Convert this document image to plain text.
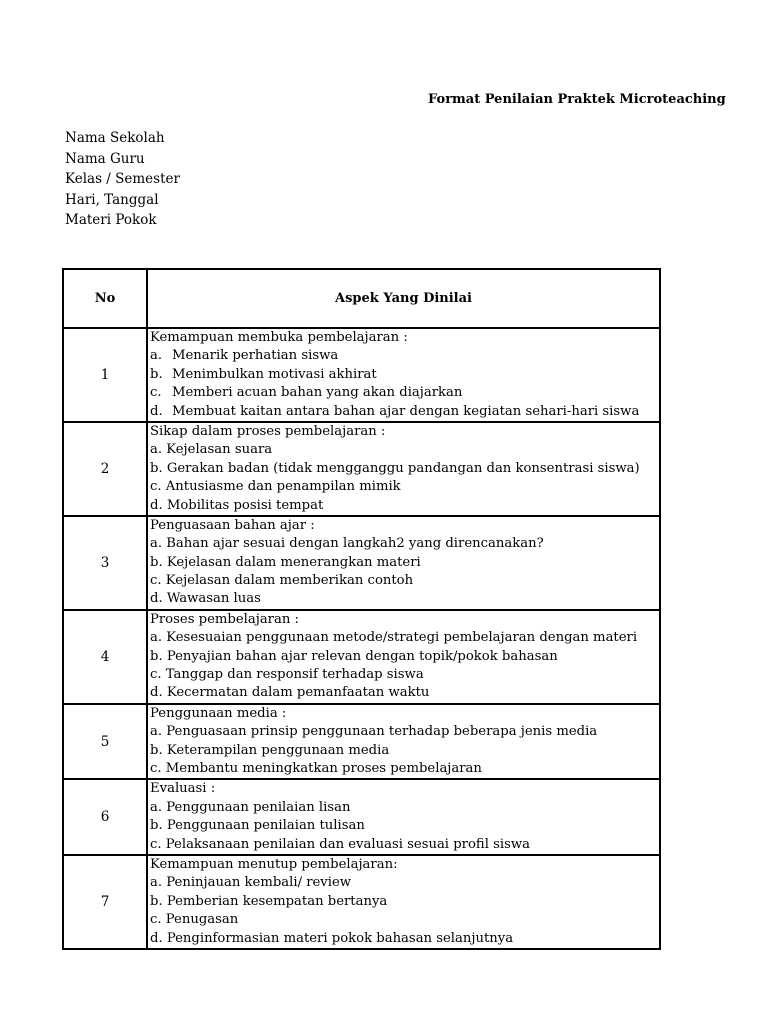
Format Penilaian Praktek Microteaching
Nama Sekolah
Nama Guru
Kelas / Semester
Hari, Tanggal
Materi Pokok
No	Aspek Yang Dinilai
1	Kemampuan membuka pembelajaran :
a. Menarik perhatian siswa
b. Menimbulkan motivasi akhirat
c. Memberi acuan bahan yang akan diajarkan
d. Membuat kaitan antara bahan ajar dengan kegiatan sehari-hari siswa

2	Sikap dalam proses pembelajaran :
a. Kejelasan suara
b. Gerakan badan (tidak mengganggu pandangan dan konsentrasi siswa)
c. Antusiasme dan penampilan mimik
d. Mobilitas posisi tempat

3	Penguasaan bahan ajar :
a. Bahan ajar sesuai dengan langkah2 yang direncanakan?
b. Kejelasan dalam menerangkan materi
c. Kejelasan dalam memberikan contoh
d. Wawasan luas

4	Proses pembelajaran :
a. Kesesuaian penggunaan metode/strategi pembelajaran dengan materi
b. Penyajian bahan ajar relevan dengan topik/pokok bahasan
c. Tanggap dan responsif terhadap siswa
d. Kecermatan dalam pemanfaatan waktu

5	Penggunaan media :
a. Penguasaan prinsip penggunaan terhadap beberapa jenis media
b. Keterampilan penggunaan media
c. Membantu meningkatkan proses pembelajaran

6	Evaluasi :
a. Penggunaan penilaian lisan
b. Penggunaan penilaian tulisan
c. Pelaksanaan penilaian dan evaluasi sesuai profil siswa

7	Kemampuan menutup pembelajaran:
a. Peninjauan kembali/ review
b. Pemberian kesempatan bertanya
c. Penugasan
d. Penginformasian materi pokok bahasan selanjutnya
